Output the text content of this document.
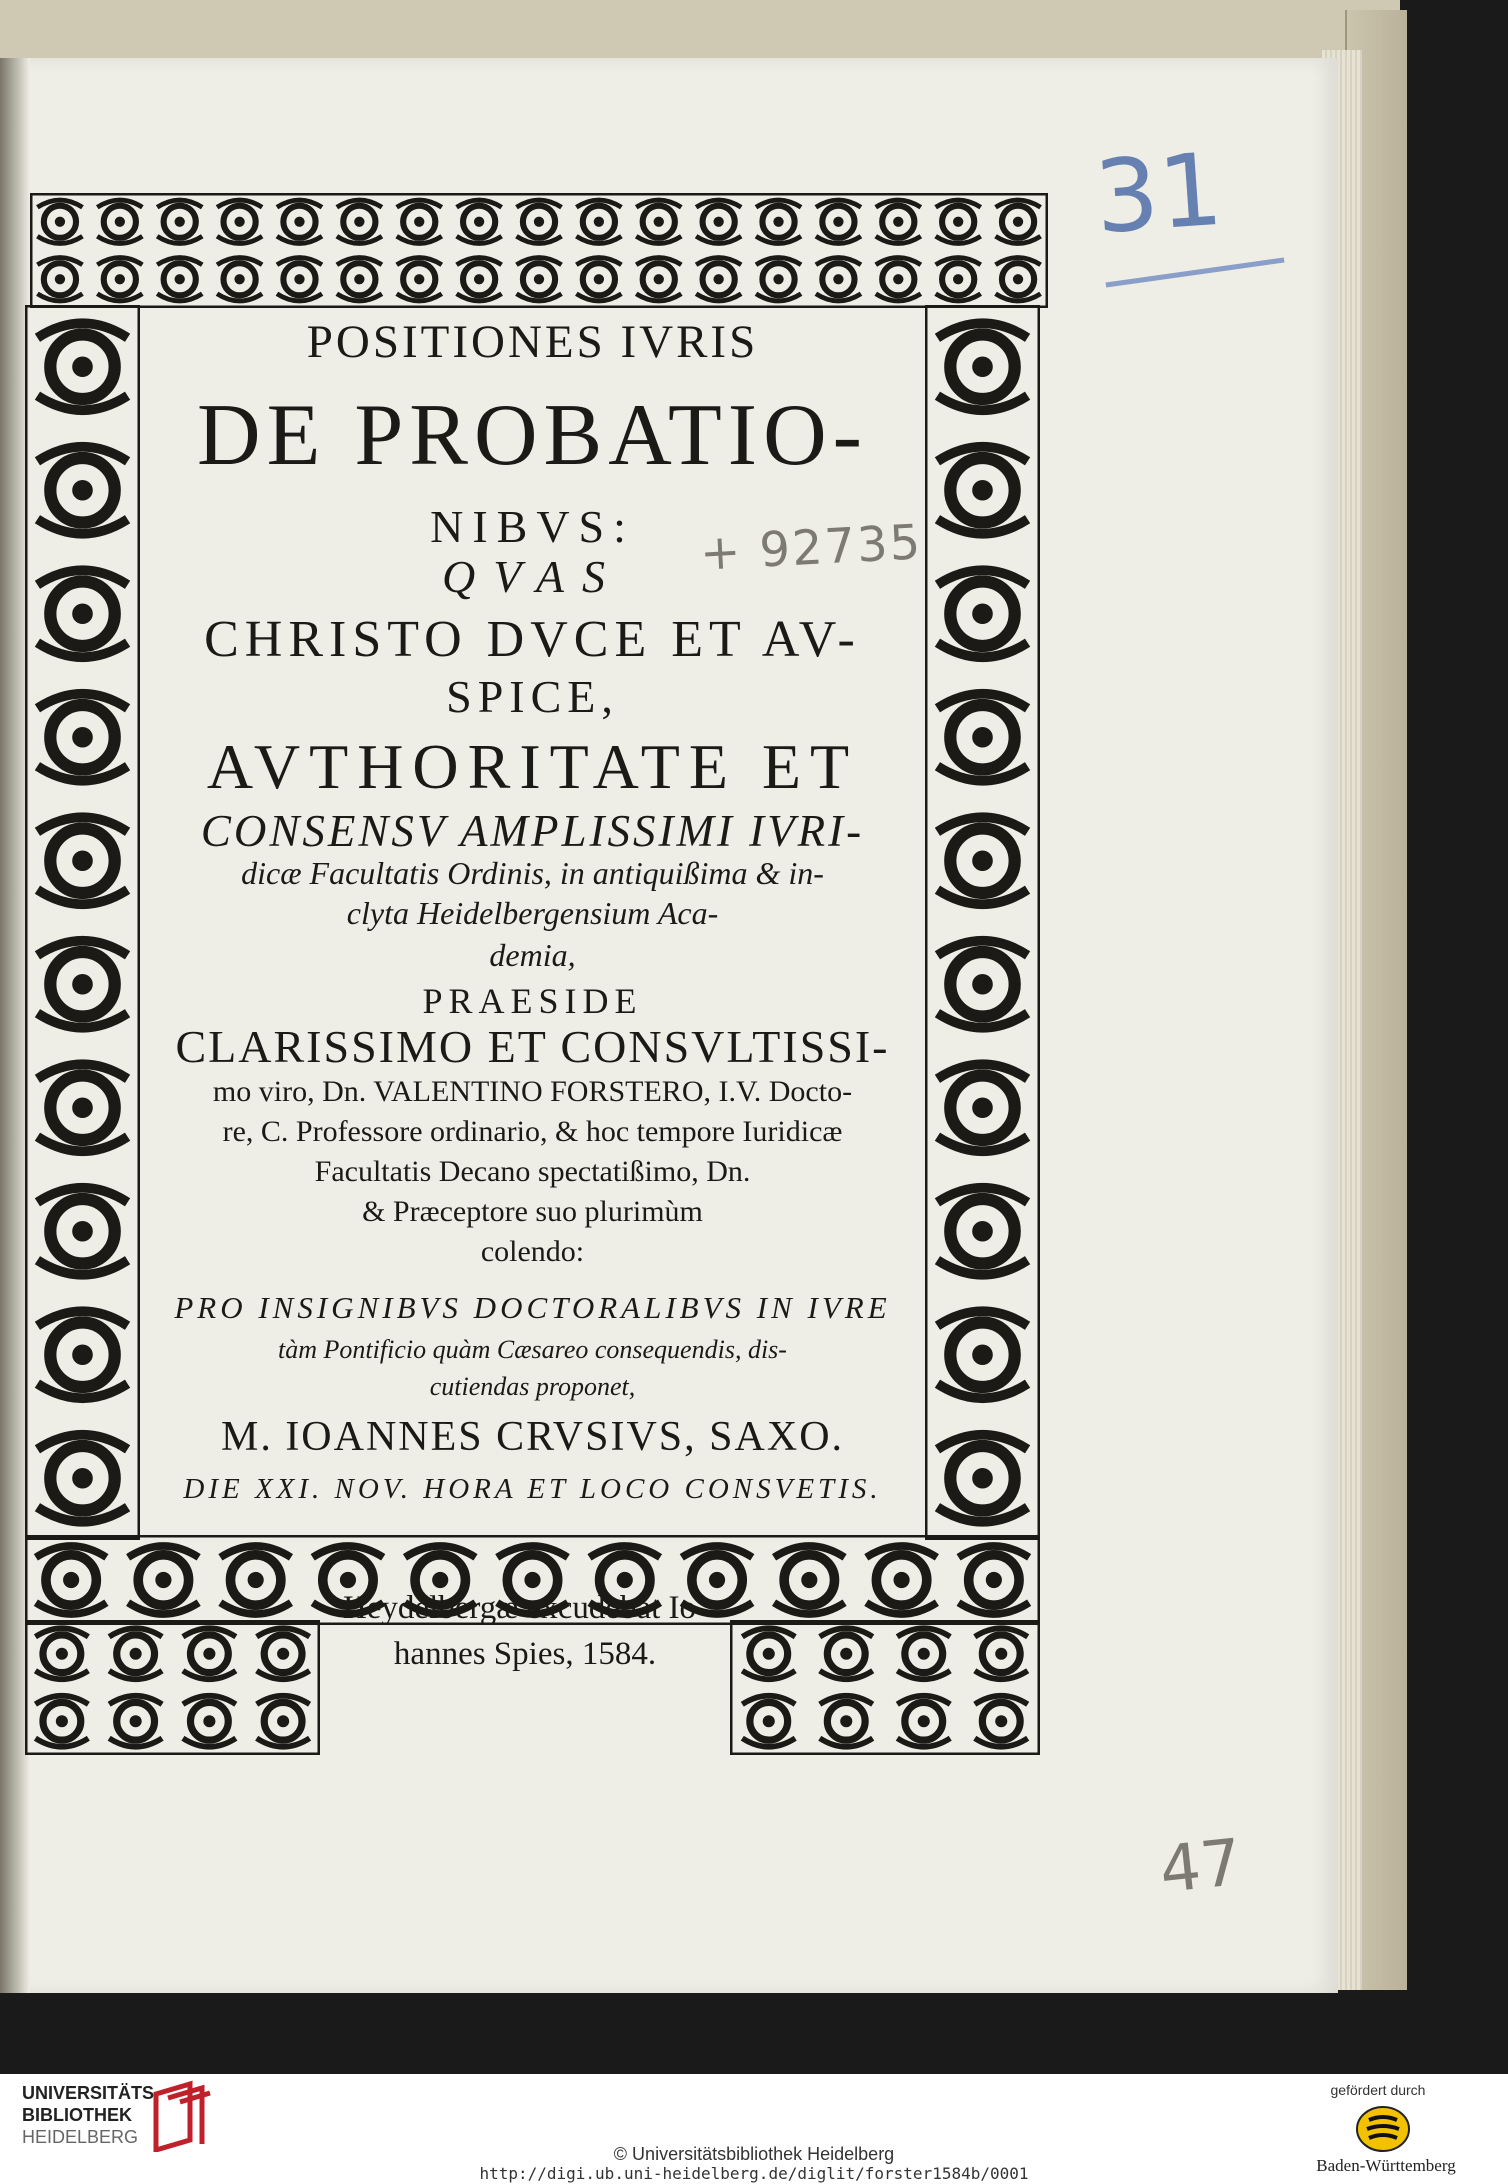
POSITIONES IVRIS
DE PROBATIO-
NIBVS:
QVAS
CHRISTO DVCE ET AV-
SPICE,
AVTHORITATE ET
CONSENSV AMPLISSIMI IVRI-
dicæ Facultatis Ordinis, in antiquißima & in-
clyta Heidelbergensium Aca-
demia,
PRAESIDE
CLARISSIMO ET CONSVLTISSI-
mo viro, Dn. VALENTINO FORSTERO, I.V. Docto-
re, C. Professore ordinario, & hoc tempore Iuridicæ
Facultatis Decano spectatißimo, Dn.
& Præceptore suo plurimùm
colendo:
PRO INSIGNIBVS DOCTORALIBVS IN IVRE
tàm Pontificio quàm Cæsareo consequendis, dis-
cutiendas proponet,
M. IOANNES CRVSIVS, SAXO.
DIE XXI. NOV. HORA ET LOCO CONSVETIS.
Heydelbergæ excudebat Io-
hannes Spies, 1584.
31
+ 92735
47
UNIVERSITÄTS-
BIBLIOTHEK
HEIDELBERG
© Universitätsbibliothek Heidelberg
http://digi.ub.uni-heidelberg.de/diglit/forster1584b/0001
gefördert durch
Baden-Württemberg
